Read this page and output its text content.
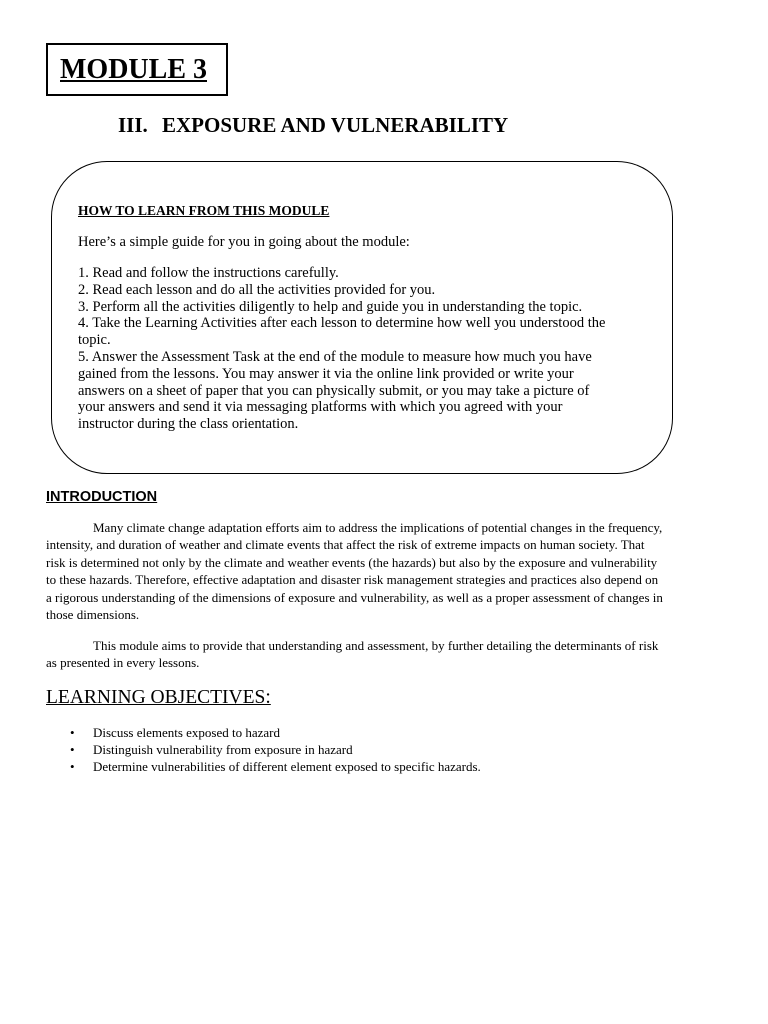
MODULE 3
III. EXPOSURE AND VULNERABILITY
HOW TO LEARN FROM THIS MODULE
Here’s a simple guide for you in going about the module:
1. Read and follow the instructions carefully.
2. Read each lesson and do all the activities provided for you.
3. Perform all the activities diligently to help and guide you in understanding the topic.
4. Take the Learning Activities after each lesson to determine how well you understood the
topic.
5. Answer the Assessment Task at the end of the module to measure how much you have
gained from the lessons. You may answer it via the online link provided or write your
answers on a sheet of paper that you can physically submit, or you may take a picture of
your answers and send it via messaging platforms with which you agreed with your
instructor during the class orientation.
INTRODUCTION
Many climate change adaptation efforts aim to address the implications of potential changes in the frequency,
intensity, and duration of weather and climate events that affect the risk of extreme impacts on human society. That
risk is determined not only by the climate and weather events (the hazards) but also by the exposure and vulnerability
to these hazards. Therefore, effective adaptation and disaster risk management strategies and practices also depend on
a rigorous understanding of the dimensions of exposure and vulnerability, as well as a proper assessment of changes in
those dimensions.
This module aims to provide that understanding and assessment, by further detailing the determinants of risk
as presented in every lessons.
LEARNING OBJECTIVES:
• Discuss elements exposed to hazard
• Distinguish vulnerability from exposure in hazard
• Determine vulnerabilities of different element exposed to specific hazards.
